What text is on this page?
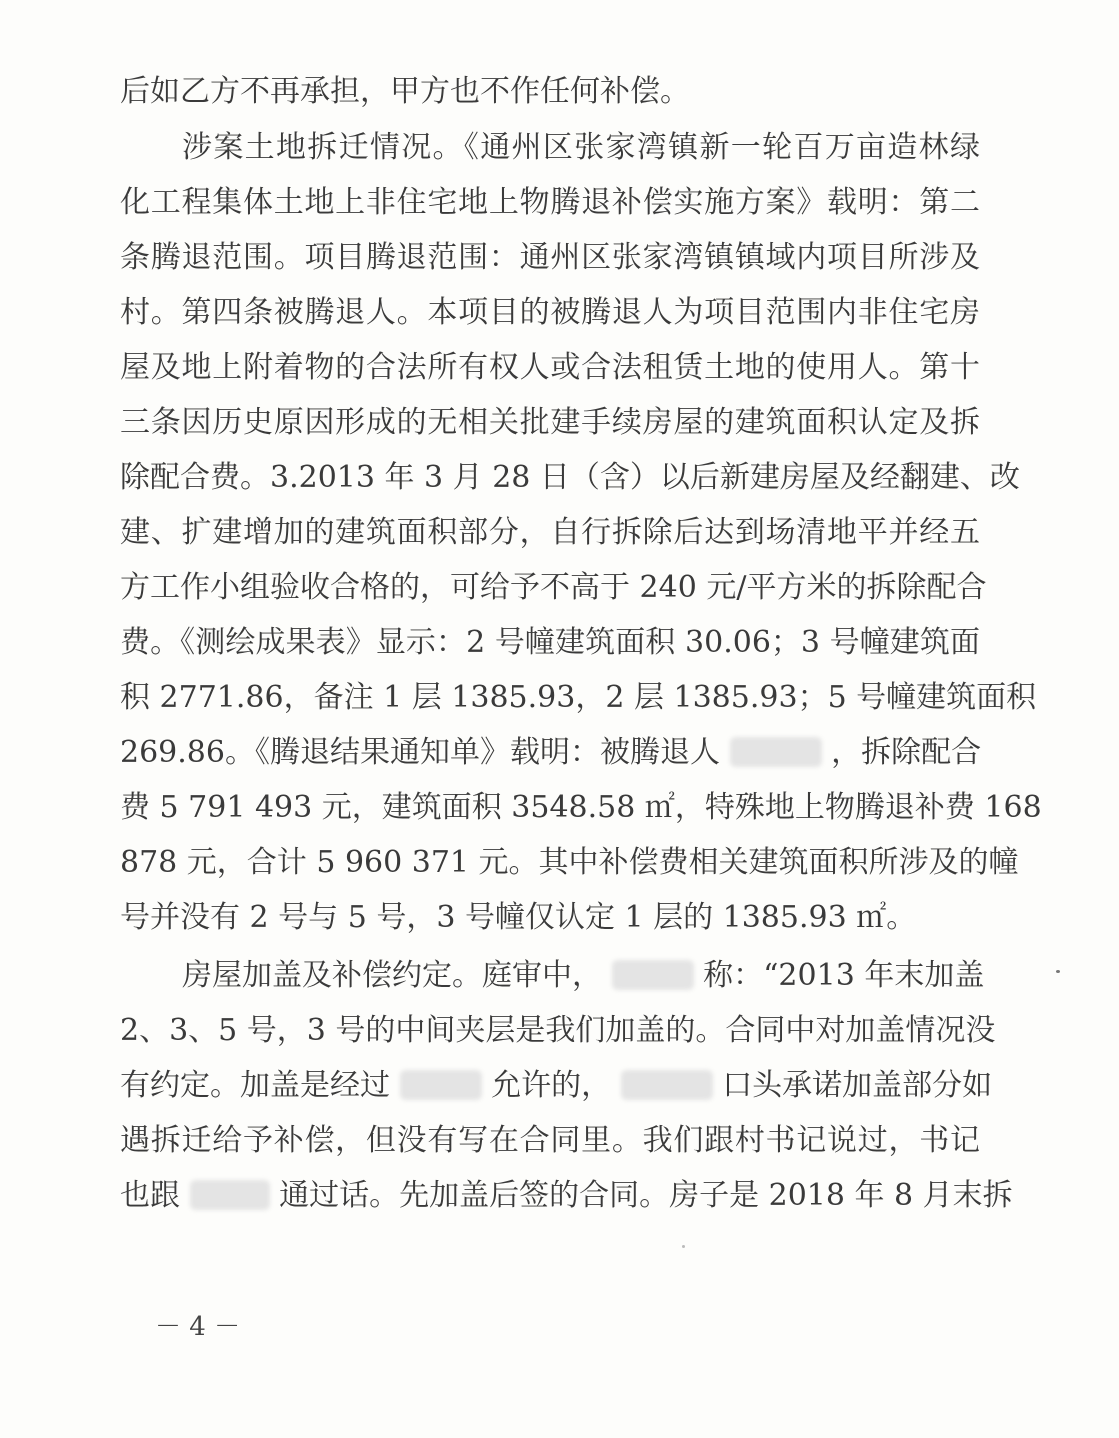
后如乙方不再承担，甲方也不作任何补偿。
涉案土地拆迁情况。《通州区张家湾镇新一轮百万亩造林绿
化工程集体土地上非住宅地上物腾退补偿实施方案》载明：第二
条腾退范围。项目腾退范围：通州区张家湾镇镇域内项目所涉及
村。第四条被腾退人。本项目的被腾退人为项目范围内非住宅房
屋及地上附着物的合法所有权人或合法租赁土地的使用人。第十
三条因历史原因形成的无相关批建手续房屋的建筑面积认定及拆
除配合费。3.2013 年 3 月 28 日（含）以后新建房屋及经翻建、改
建、扩建增加的建筑面积部分，自行拆除后达到场清地平并经五
方工作小组验收合格的，可给予不高于 240 元/平方米的拆除配合
费。《测绘成果表》显示：2 号幢建筑面积 30.06；3 号幢建筑面
积 2771.86，备注 1 层 1385.93，2 层 1385.93；5 号幢建筑面积
269.86。《腾退结果通知单》载明：被腾退人	，拆除配合
费 5 791 493 元，建筑面积 3548.58 ㎡，特殊地上物腾退补费 168
878 元，合计 5 960 371 元。其中补偿费相关建筑面积所涉及的幢
号并没有 2 号与 5 号，3 号幢仅认定 1 层的 1385.93 ㎡。
房屋加盖及补偿约定。庭审中，	称：“2013 年末加盖
2、3、5 号，3 号的中间夹层是我们加盖的。合同中对加盖情况没
有约定。加盖是经过	允许的，	口头承诺加盖部分如
遇拆迁给予补偿，但没有写在合同里。我们跟村书记说过，书记
也跟	通过话。先加盖后签的合同。房子是 2018 年 8 月末拆
－ 4 －
